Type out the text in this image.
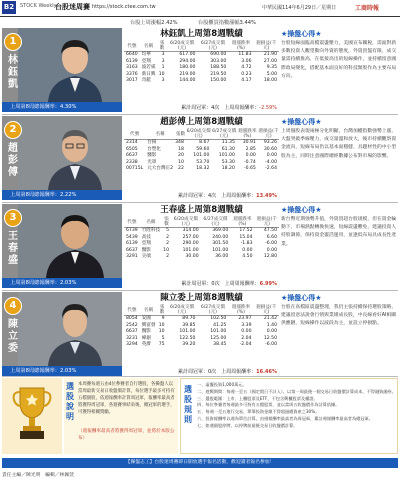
B2	STOCK Weekly
台股迷周賽 https://stock.ctee.com.tw	中華民國114年6月29日／星期日	工商時報
台股上周漲幅2.42%	台股櫃買指數漲幅3.44%
1
林鈺凱
上周第8周總報酬率：4.30%
林鈺凱上周第8週戰績
代號	名稱	張數	6/20成交價(元)	6/27成交價(元)	週漲跌率(%)	週損益(千元)
6640	均華	3	617.00	690.00	11.83	21.90
6139	亞翔	3	294.00	303.00	3.06	27.00
3163	波若威	1	180.00	188.50	4.72	9.35
3376	新日興	10	219.00	219.50	0.23	5.00
3017	奇鋐	3	144.00	150.00	4.17	18.00
累計周冠軍：4次　 上周周報酬率：-2.59%
★操盤心得★
台股短線面臨高檔震盪壓力，美國宣布關稅，需面對新多數投資人觀望動向外資的態度，外資買盤有限，成交量需持續推高，在低接高出的短線操作，並持續留意國際政局變化，搭配基本面良好的科技類股作為主要布局方向。
2
趙彭傅
上周第8周總報酬率：2.22%
趙彭傅上周第8週戰績
代號	名稱	張數	6/20成交價(元)	6/27成交價(元)	週漲跌率(%)	週損益(千元)
2314	台揚	348	8.67	11.35	30.91	93.26
6505	台塑化	18	59.60	61.30	2.85	30.60
6637	醫影	20	101.00	101.00	0.00	0.00
2338	光罩	10	53.70	53.30	-0.74	-4.00
00715L	元大台灣正2	22	18.32	18.20	-0.65	-2.64
累計周冠軍：4次　 上周周報酬率：13.49%
★操盤心得★
上周個股表現兩極分化明顯，台灣加權指數強勢上漲，大盤突破季線壓力，成交量溫和放大，後市持續觀察資金流向，短線布局仍以基本面穩健、具題材性的中小型股為主，同時注意國際總經數據公布對市場的影響。
3
王春盛
上周第8周總報酬率：2.03%
王春盛上周第8週戰績
代號	名稱	張數	6/20成交價(元)	6/27成交價(元)	週漲跌率(%)	週損益(千元)
6739	竹陞科技	5	314.00	369.00	17.52	47.50
5439	高技	2	257.00	240.00	15.04	6.60
6139	亞翔	2	290.00	301.50	-1.83	-6.00
6637	醫影	10	101.00	101.00	0.00	0.00
3291	尖端	2	30.00	36.00	4.50	12.80
累計周冠軍：0次　 上周周報酬率：6.99%
★操盤心得★
新台幣近期強勢升值，外資買超台股規模，但在資金輪動下，市場熱點轉換快速，短線震盪難免，建議投資人持股調節，保持資金靈活運用，並逢低布局具成長性產業。
4
陳立委
上周第8周總報酬率：2.03%
陳立委上周第8週戰績
代號	名稱	張數	6/20成交價(元)	6/27成交價(元)	週漲跌率(%)	週損益(千元)
8054	安國	9	89.70	102.50	23.97	21.42
2542	興富發	10	39.85	41.25	3.39	1.40
6637	醫影	10	101.00	101.00	0.00	0.00
3231	緯創	5	122.50	125.00	2.04	12.50
3294	英濟	75	39.20	38.45	-2.04	-6.00
累計周冠軍：0次　 上周周報酬率：16.46%
★操盤心得★
台股在高檔區震盪整理，我仍主張持續保持選股策略，建議留意法說會行情與業績成長股，中長線看好AI相關供應鏈，短線操作以波段為主，並設立停損點。
選股說明
本周賽每週五由4位參賽者自行選股，各操盤人以當周最新交易日收盤價計算，每位選手最多可持有五檔個股，依週報酬率計算周冠軍，報酬率最高者將獲得周冠軍，各週賽事結束後，總冠軍的選手，可獲得相關獎勵。
（週報酬率最高者將獲得周冠軍，並將於本版公布）
選股規則
一、虛擬投資1,000萬元。
二、遊戲期間：每週一至五（國定假日不計入）。以第一周最後一個交易日收盤價計算成本，不得融資融券。
三、選股範圍：上市、上櫃股票及ETF，不包含興櫃股票及權證。
四、每位參賽者每週最多可持有五檔股票，並以當周五收盤價作為計算依據。
五、每週一至五進行交易，單筆投資金額不得超過總資產之30%。
六、投資報酬率以週為單位計算，由週報酬率最高者為周冠軍，累計週報酬率最高者為總冠軍。
七、如遇個股停牌，以停牌前最後交易日收盤價計算。
【操盤志工】台股迷周賽即日開放選手報名活動，歡迎讀者報名參加！
責任主編／陳光明　編輯／林佩萱
